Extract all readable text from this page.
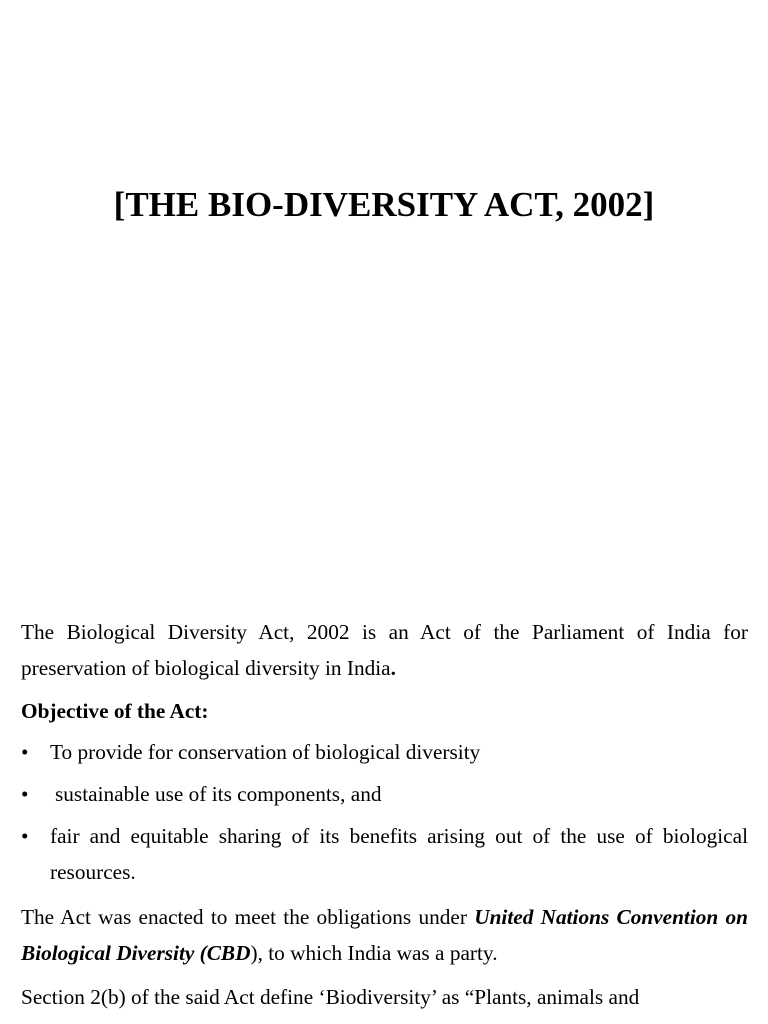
[THE BIO-DIVERSITY ACT, 2002]

The Biological Diversity Act, 2002 is an Act of the Parliament of India for preservation of biological diversity in India.

Objective of the Act:

• To provide for conservation of biological diversity
• sustainable use of its components, and
• fair and equitable sharing of its benefits arising out of the use of biological resources.

The Act was enacted to meet the obligations under United Nations Convention on Biological Diversity (CBD), to which India was a party.

Section 2(b) of the said Act define ‘Biodiversity’ as “Plants, animals and
